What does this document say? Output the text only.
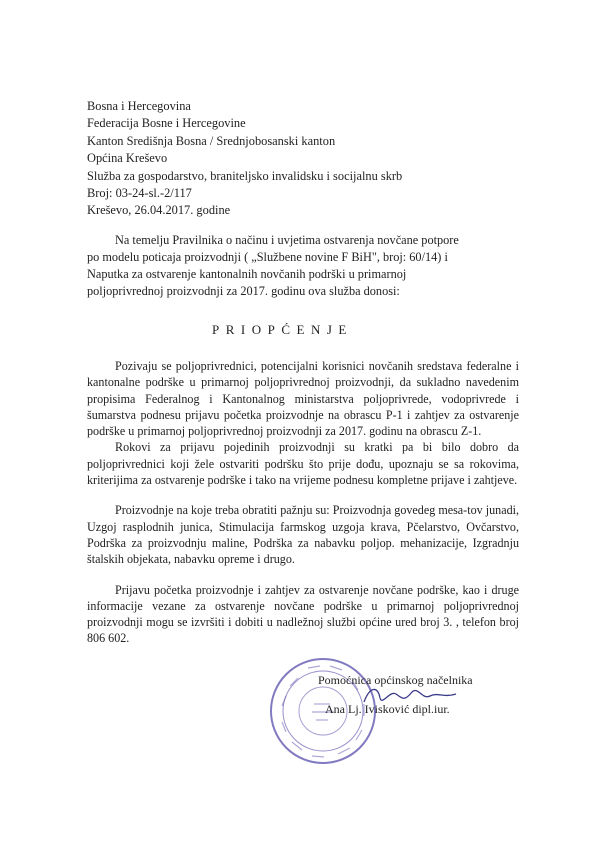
Bosna i Hercegovina
Federacija Bosne i Hercegovine
Kanton Središnja Bosna / Srednjobosanski kanton
Općina Kreševo
Služba za gospodarstvo, braniteljsko invalidsku i socijalnu skrb
Broj: 03-24-sl.-2/117
Kreševo, 26.04.2017. godine
Na temelju Pravilnika o načinu i uvjetima ostvarenja novčane potpore
po modelu poticaja proizvodnji ( „Službene novine F BiH", broj: 60/14) i
Naputka za ostvarenje kantonalnih novčanih podrški u primarnoj
poljoprivrednoj proizvodnji za 2017. godinu ova služba donosi:
PRIOPĆENJE

Pozivaju se poljoprivrednici, potencijalni korisnici novčanih sredstava federalne i kantonalne podrške u primarnoj poljoprivrednoj proizvodnji, da sukladno navedenim propisima Federalnog i Kantonalnog ministarstva poljoprivrede, vodoprivrede i šumarstva podnesu prijavu početka proizvodnje na obrascu P-1 i zahtjev za ostvarenje podrške u primarnoj poljoprivrednoj proizvodnji za 2017. godinu na obrascu Z-1.

Rokovi za prijavu pojedinih proizvodnji su kratki pa bi bilo dobro da poljoprivrednici koji žele ostvariti podršku što prije dođu, upoznaju se sa rokovima, kriterijima za ostvarenje podrške i tako na vrijeme podnesu kompletne prijave i zahtjeve.

Proizvodnje na koje treba obratiti pažnju su: Proizvodnja govedeg mesa-tov junadi, Uzgoj rasplodnih junica, Stimulacija farmskog uzgoja krava, Pčelarstvo, Ovčarstvo, Podrška za proizvodnju maline, Podrška za nabavku poljop. mehanizacije, Izgradnju štalskih objekata, nabavku opreme i drugo.

Prijavu početka proizvodnje i zahtjev za ostvarenje novčane podrške, kao i druge informacije vezane za ostvarenje novčane podrške u primarnoj poljoprivrednoj proizvodnji mogu se izvršiti i dobiti u nadležnoj službi općine ured broj 3. , telefon broj 806 602.

Pomoćnica općinskog načelnika
Ana Lj. Ivisković dipl.iur.
